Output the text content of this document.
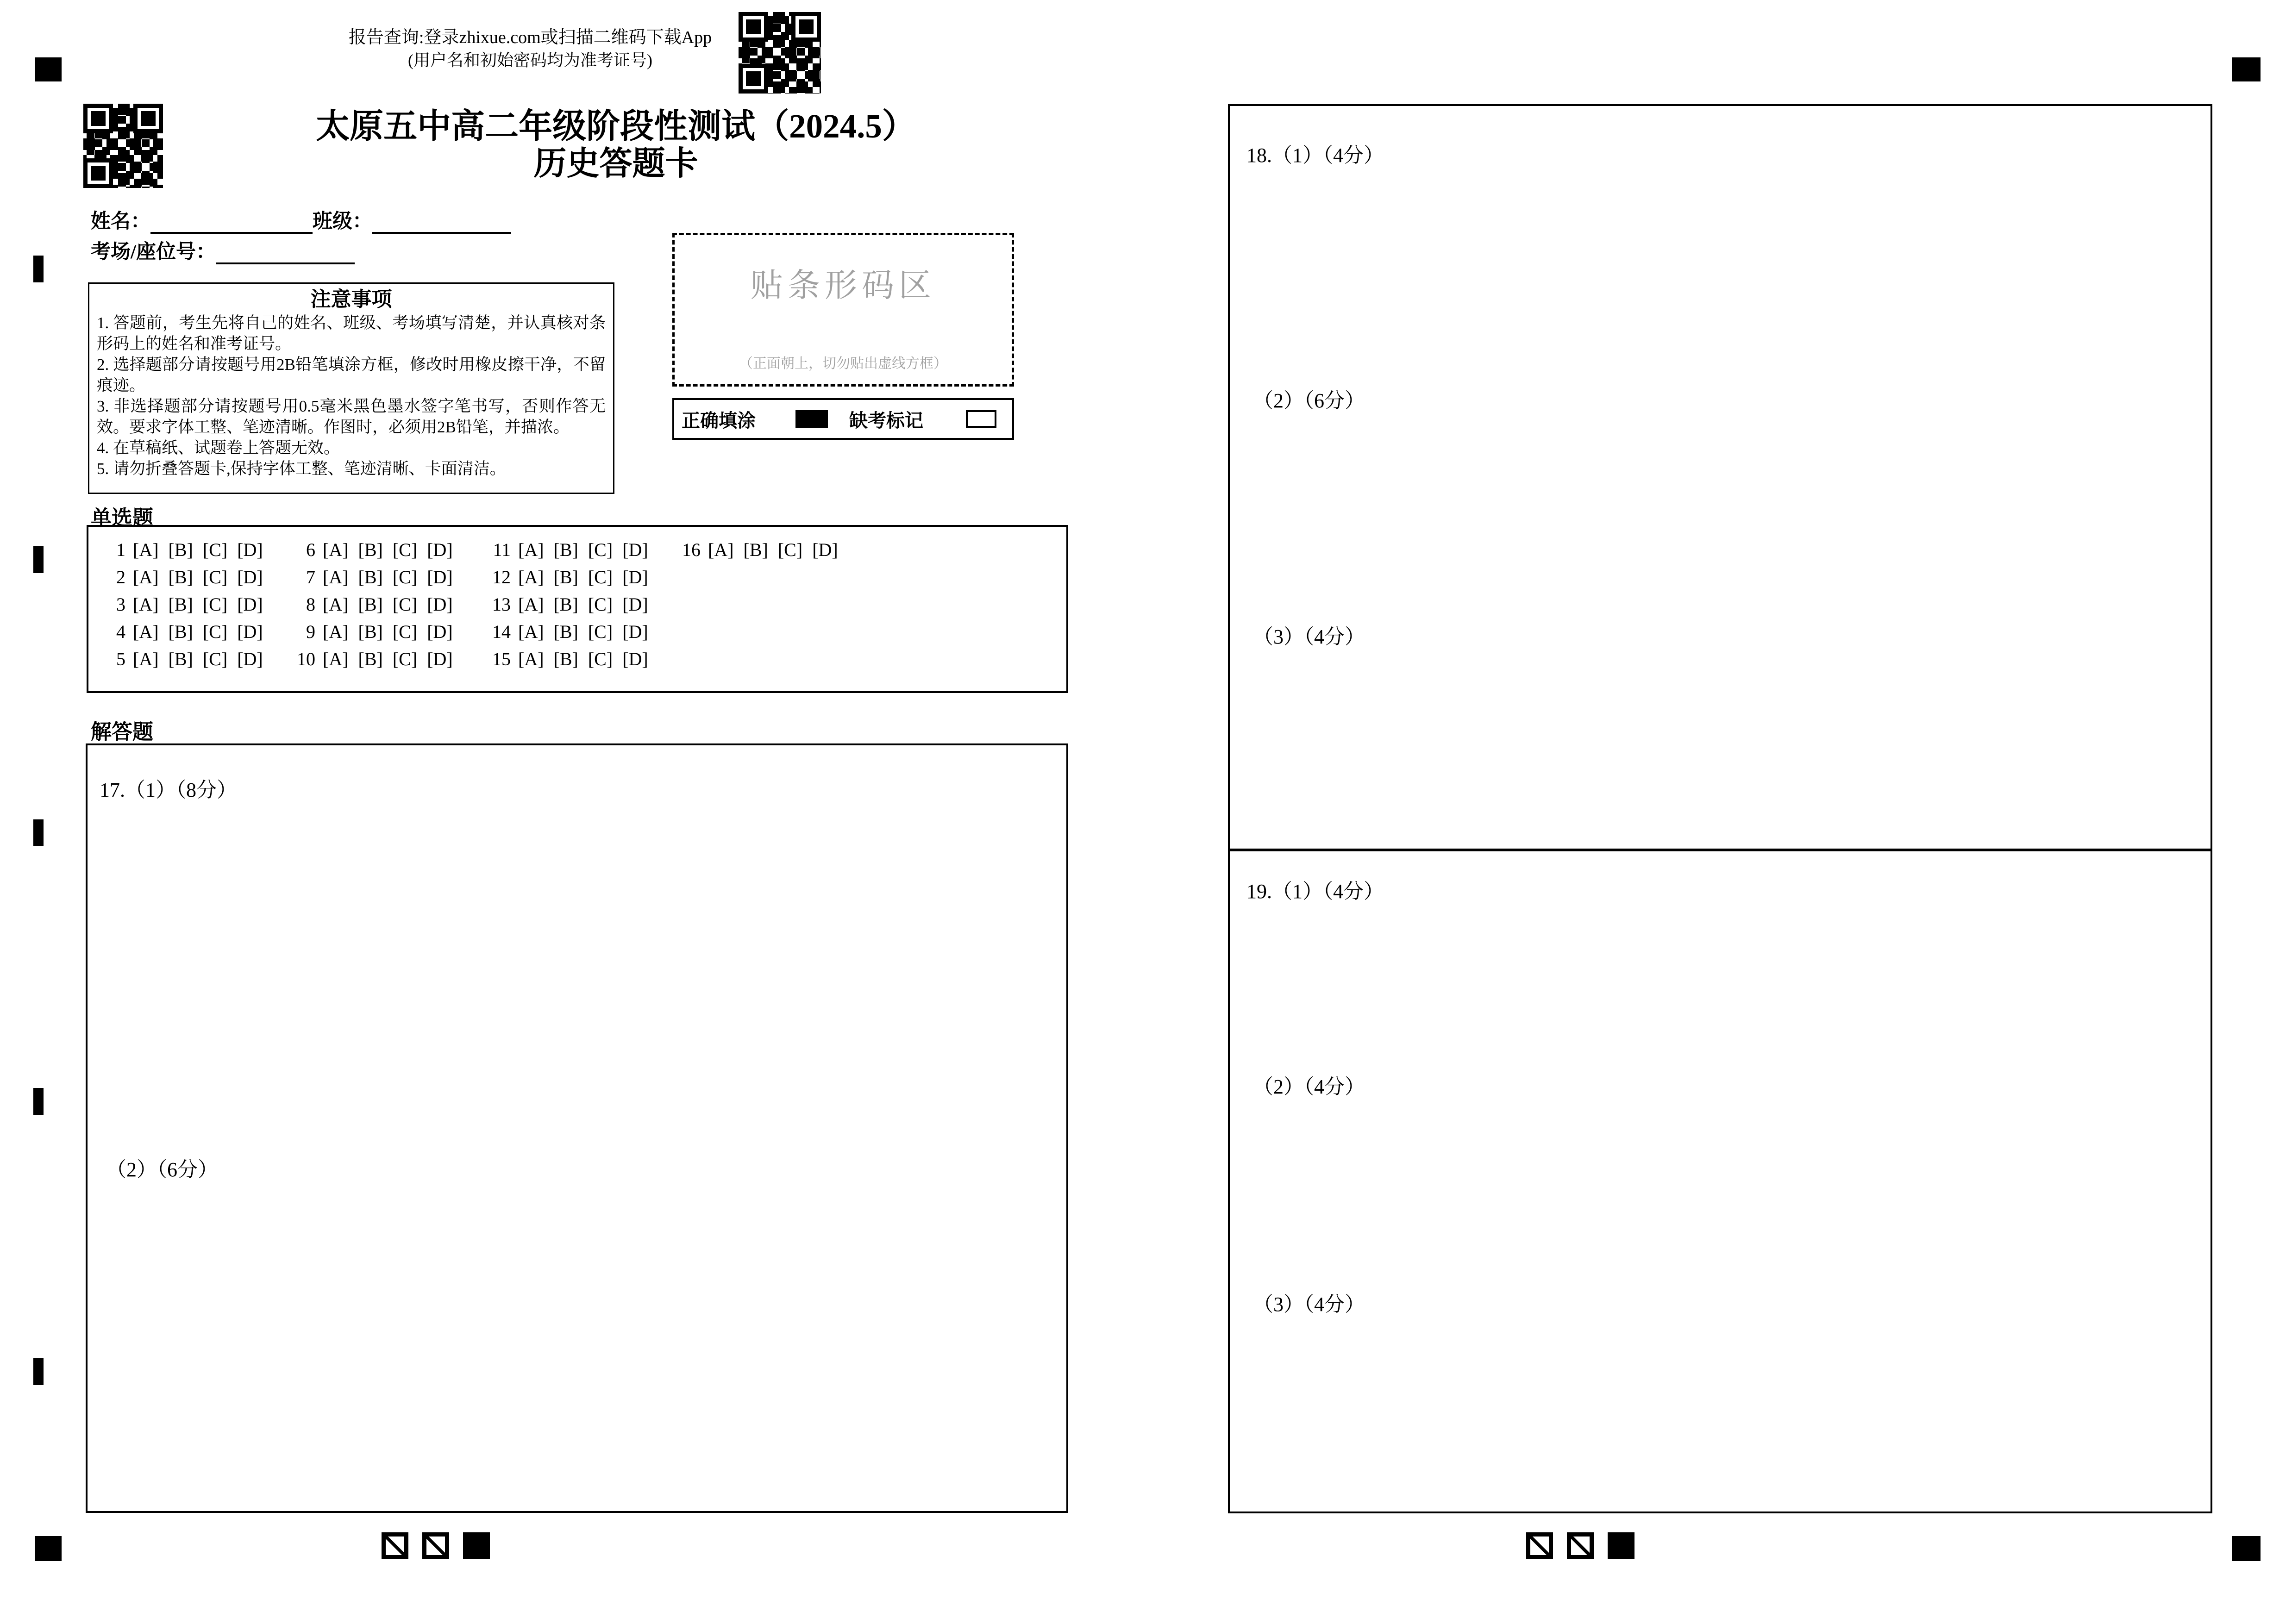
报告查询:登录zhixue.com或扫描二维码下载App
(用户名和初始密码均为准考证号)
太原五中高二年级阶段性测试（2024.5）
历史答题卡
姓名：	班级：
考场/座位号：
注意事项

1. 答题前，考生先将自己的姓名、班级、考场填写清楚，并认真核对条形码上的姓名和准考证号。

2. 选择题部分请按题号用2B铅笔填涂方框，修改时用橡皮擦干净，不留痕迹。

3. 非选择题部分请按题号用0.5毫米黑色墨水签字笔书写，否则作答无效。要求字体工整、笔迹清晰。作图时，必须用2B铅笔，并描浓。

4. 在草稿纸、试题卷上答题无效。

5. 请勿折叠答题卡,保持字体工整、笔迹清晰、卡面清洁。

贴条形码区
（正面朝上，切勿贴出虚线方框）
正确填涂	缺考标记
单选题
1 [A] [B] [C] [D]
2 [A] [B] [C] [D]
3 [A] [B] [C] [D]
4 [A] [B] [C] [D]
5 [A] [B] [C] [D]
6 [A] [B] [C] [D]
7 [A] [B] [C] [D]
8 [A] [B] [C] [D]
9 [A] [B] [C] [D]
10 [A] [B] [C] [D]
11 [A] [B] [C] [D]
12 [A] [B] [C] [D]
13 [A] [B] [C] [D]
14 [A] [B] [C] [D]
15 [A] [B] [C] [D]
16 [A] [B] [C] [D]
解答题
17.（1）（8分）
（2）（6分）
18.（1）（4分）
（2）（6分）
（3）（4分）
19.（1）（4分）
（2）（4分）
（3）（4分）
